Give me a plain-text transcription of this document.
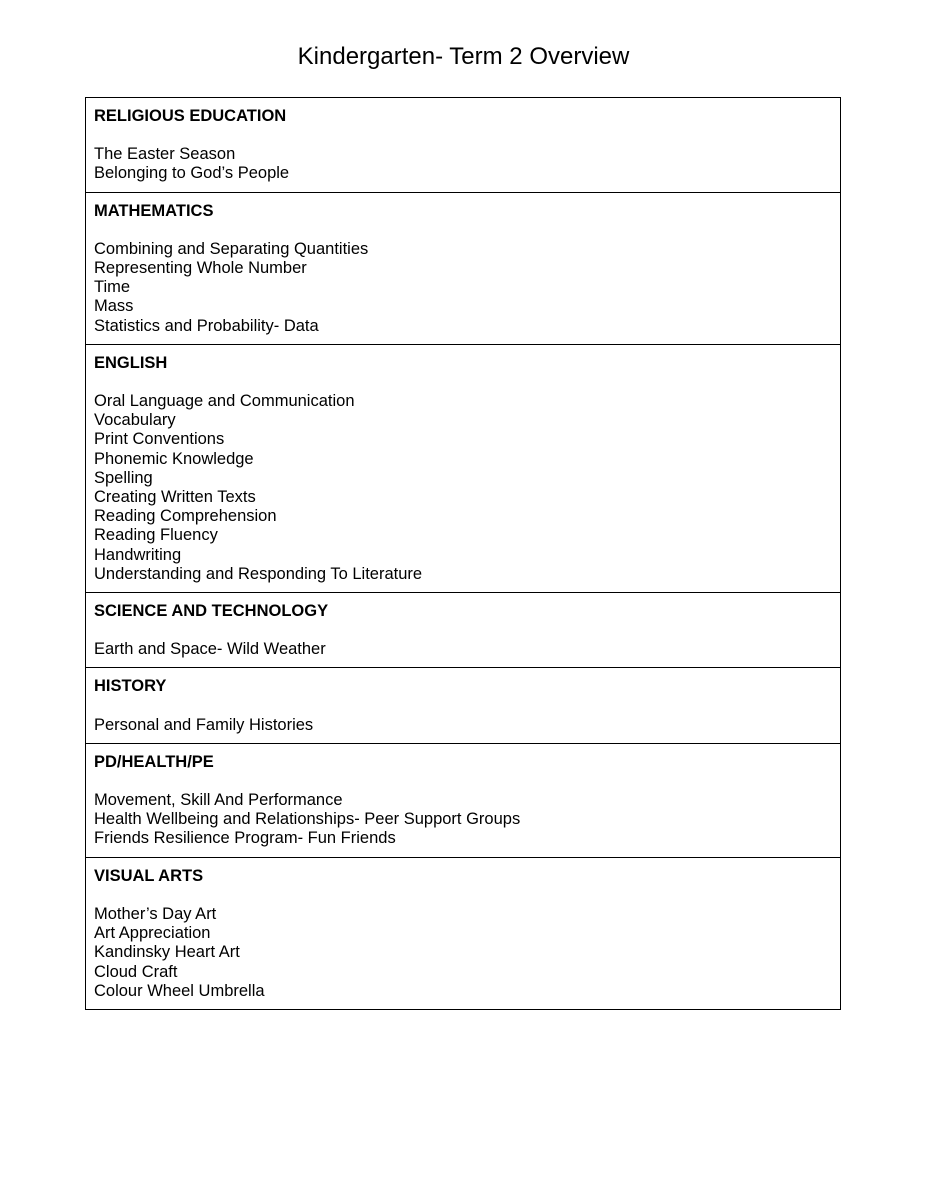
Kindergarten- Term 2 Overview
RELIGIOUS EDUCATION
The Easter Season
Belonging to God’s People

MATHEMATICS
Combining and Separating Quantities
Representing Whole Number
Time
Mass
Statistics and Probability- Data

ENGLISH
Oral Language and Communication
Vocabulary
Print Conventions
Phonemic Knowledge
Spelling
Creating Written Texts
Reading Comprehension
Reading Fluency
Handwriting
Understanding and Responding To Literature

SCIENCE AND TECHNOLOGY
Earth and Space- Wild Weather

HISTORY
Personal and Family Histories

PD/HEALTH/PE
Movement, Skill And Performance
Health Wellbeing and Relationships- Peer Support Groups
Friends Resilience Program- Fun Friends

VISUAL ARTS
Mother’s Day Art
Art Appreciation
Kandinsky Heart Art
Cloud Craft
Colour Wheel Umbrella
